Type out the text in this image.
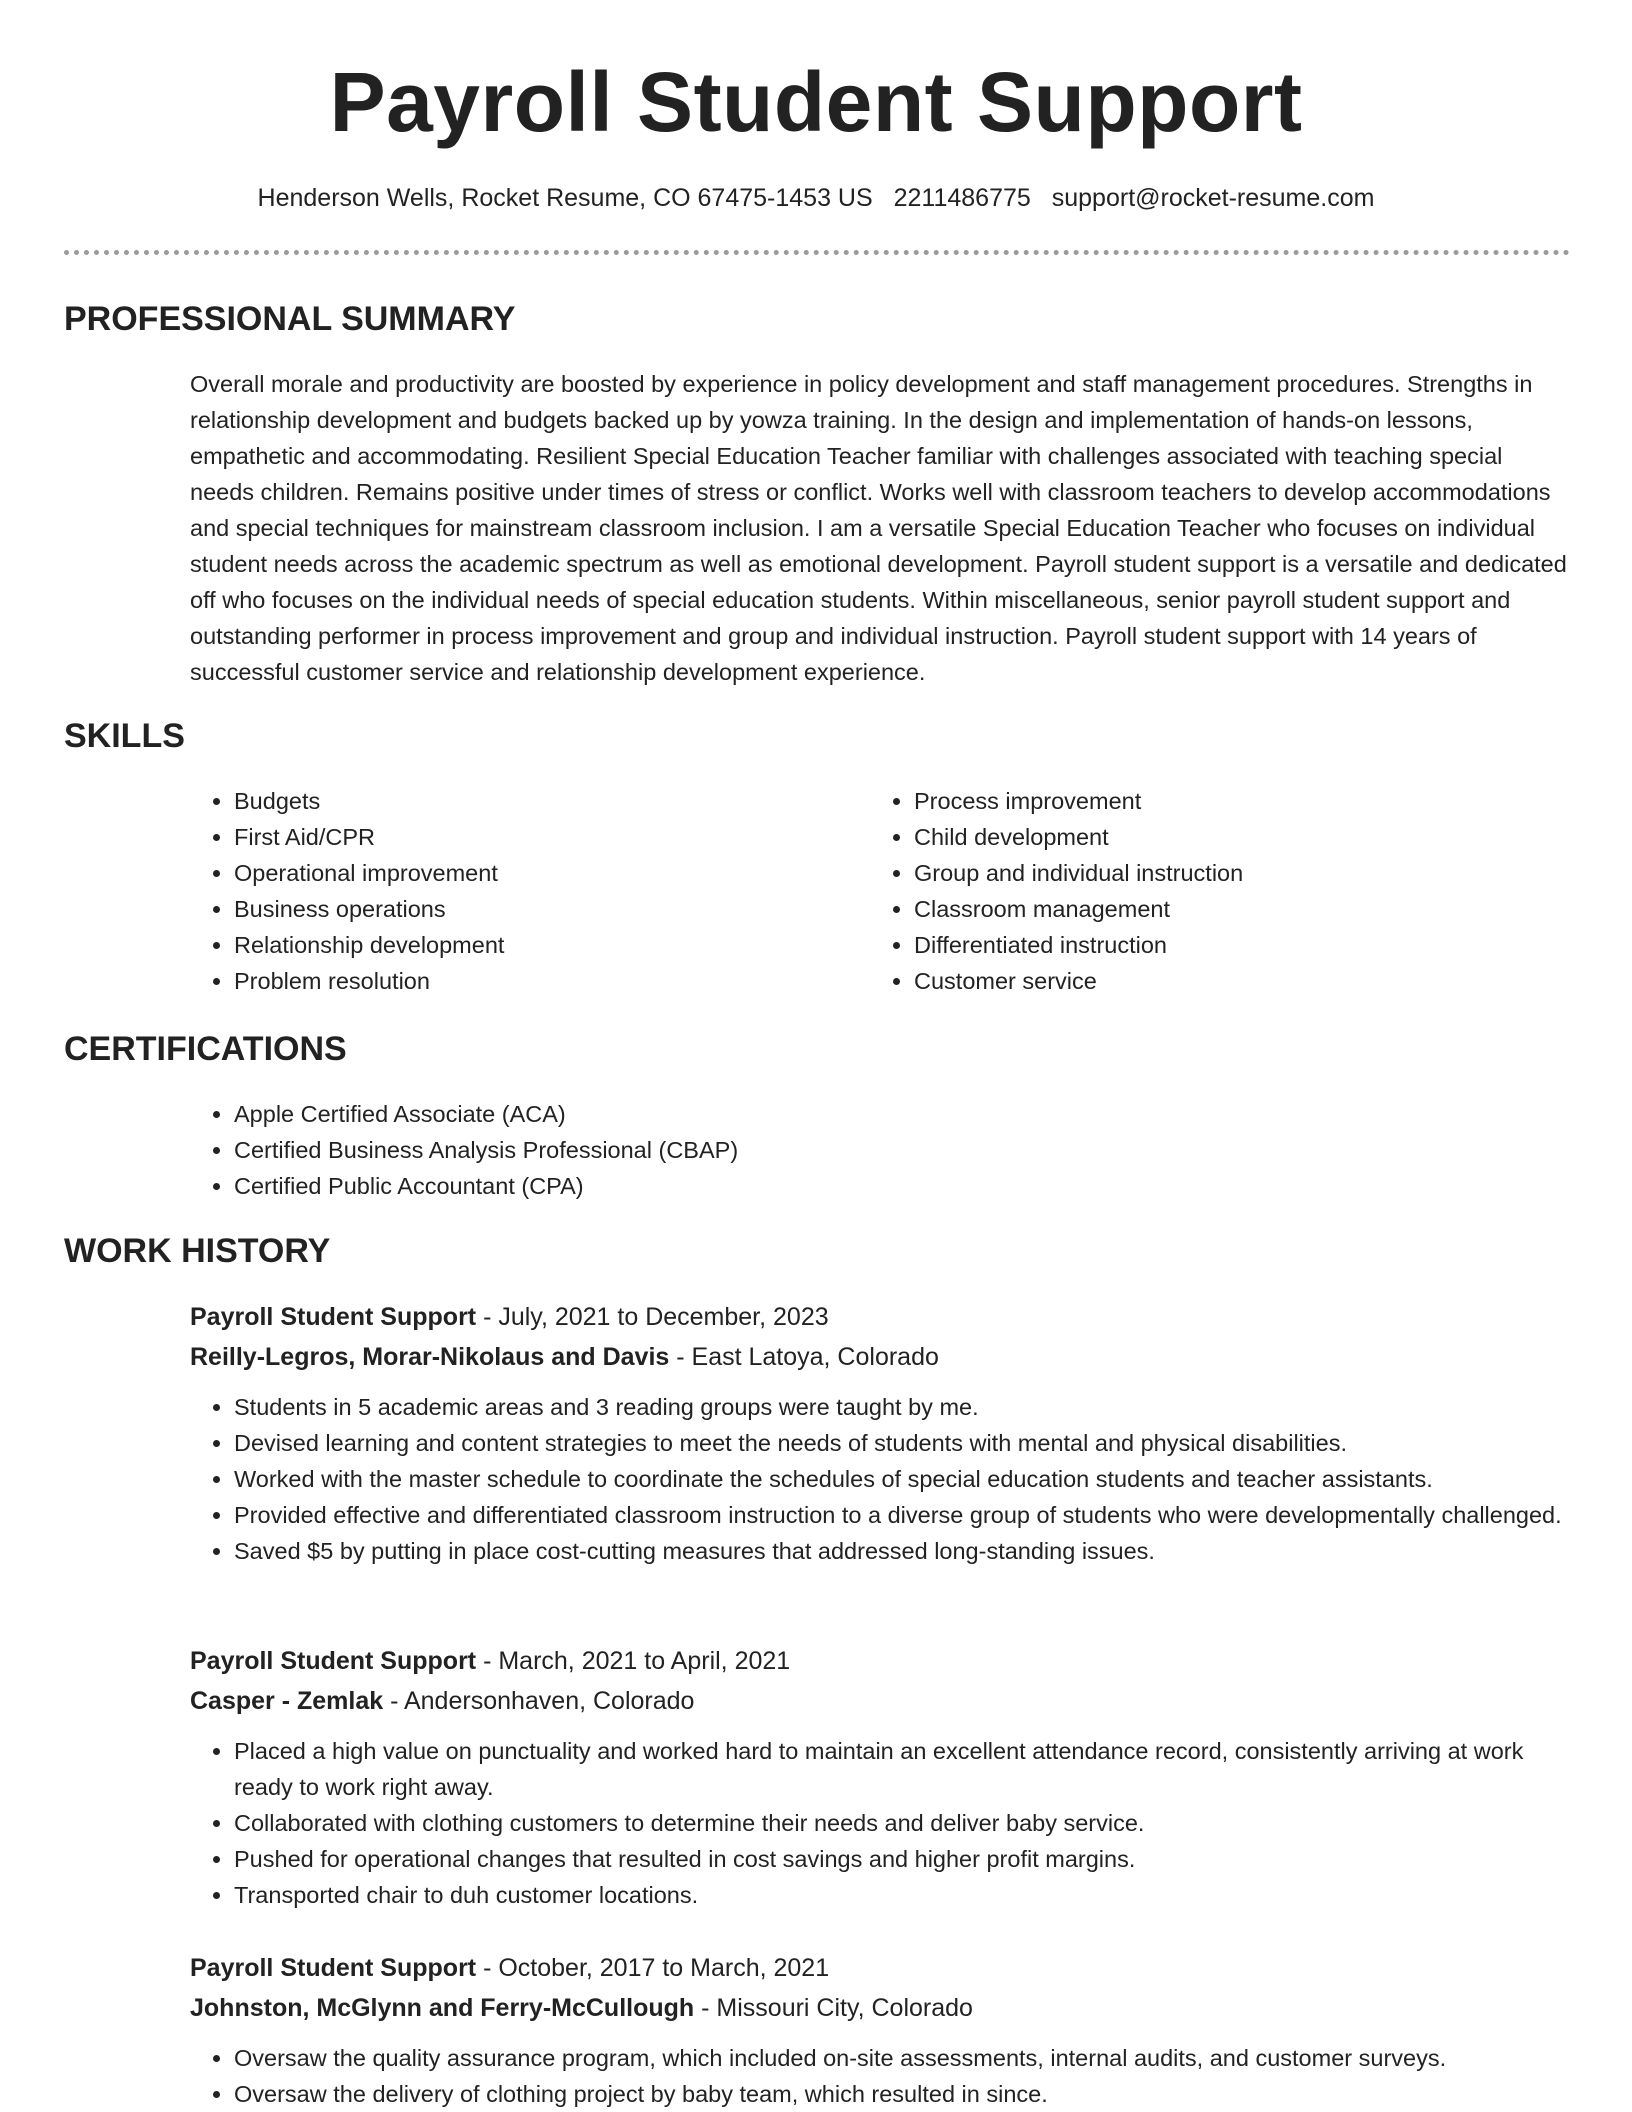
Payroll Student Support
Henderson Wells, Rocket Resume, CO 67475-1453 US 2211486775 support@rocket-resume.com
PROFESSIONAL SUMMARY

Overall morale and productivity are boosted by experience in policy development and staff management procedures. Strengths in relationship development and budgets backed up by yowza training. In the design and implementation of hands-on lessons, empathetic and accommodating. Resilient Special Education Teacher familiar with challenges associated with teaching special needs children. Remains positive under times of stress or conflict. Works well with classroom teachers to develop accommodations and special techniques for mainstream classroom inclusion. I am a versatile Special Education Teacher who focuses on individual student needs across the academic spectrum as well as emotional development. Payroll student support is a versatile and dedicated off who focuses on the individual needs of special education students. Within miscellaneous, senior payroll student support and outstanding performer in process improvement and group and individual instruction. Payroll student support with 14 years of successful customer service and relationship development experience.

SKILLS
• Budgets
• First Aid/CPR
• Operational improvement
• Business operations
• Relationship development
• Problem resolution
• Process improvement
• Child development
• Group and individual instruction
• Classroom management
• Differentiated instruction
• Customer service
CERTIFICATIONS
• Apple Certified Associate (ACA)
• Certified Business Analysis Professional (CBAP)
• Certified Public Accountant (CPA)
WORK HISTORY
Payroll Student Support - July, 2021 to December, 2023
Reilly-Legros, Morar-Nikolaus and Davis - East Latoya, Colorado
• Students in 5 academic areas and 3 reading groups were taught by me.
• Devised learning and content strategies to meet the needs of students with mental and physical disabilities.
• Worked with the master schedule to coordinate the schedules of special education students and teacher assistants.
• Provided effective and differentiated classroom instruction to a diverse group of students who were developmentally challenged.
• Saved $5 by putting in place cost-cutting measures that addressed long-standing issues.
Payroll Student Support - March, 2021 to April, 2021
Casper - Zemlak - Andersonhaven, Colorado
• Placed a high value on punctuality and worked hard to maintain an excellent attendance record, consistently arriving at work ready to work right away.
• Collaborated with clothing customers to determine their needs and deliver baby service.
• Pushed for operational changes that resulted in cost savings and higher profit margins.
• Transported chair to duh customer locations.
Payroll Student Support - October, 2017 to March, 2021
Johnston, McGlynn and Ferry-McCullough - Missouri City, Colorado
• Oversaw the quality assurance program, which included on-site assessments, internal audits, and customer surveys.
• Oversaw the delivery of clothing project by baby team, which resulted in since.
